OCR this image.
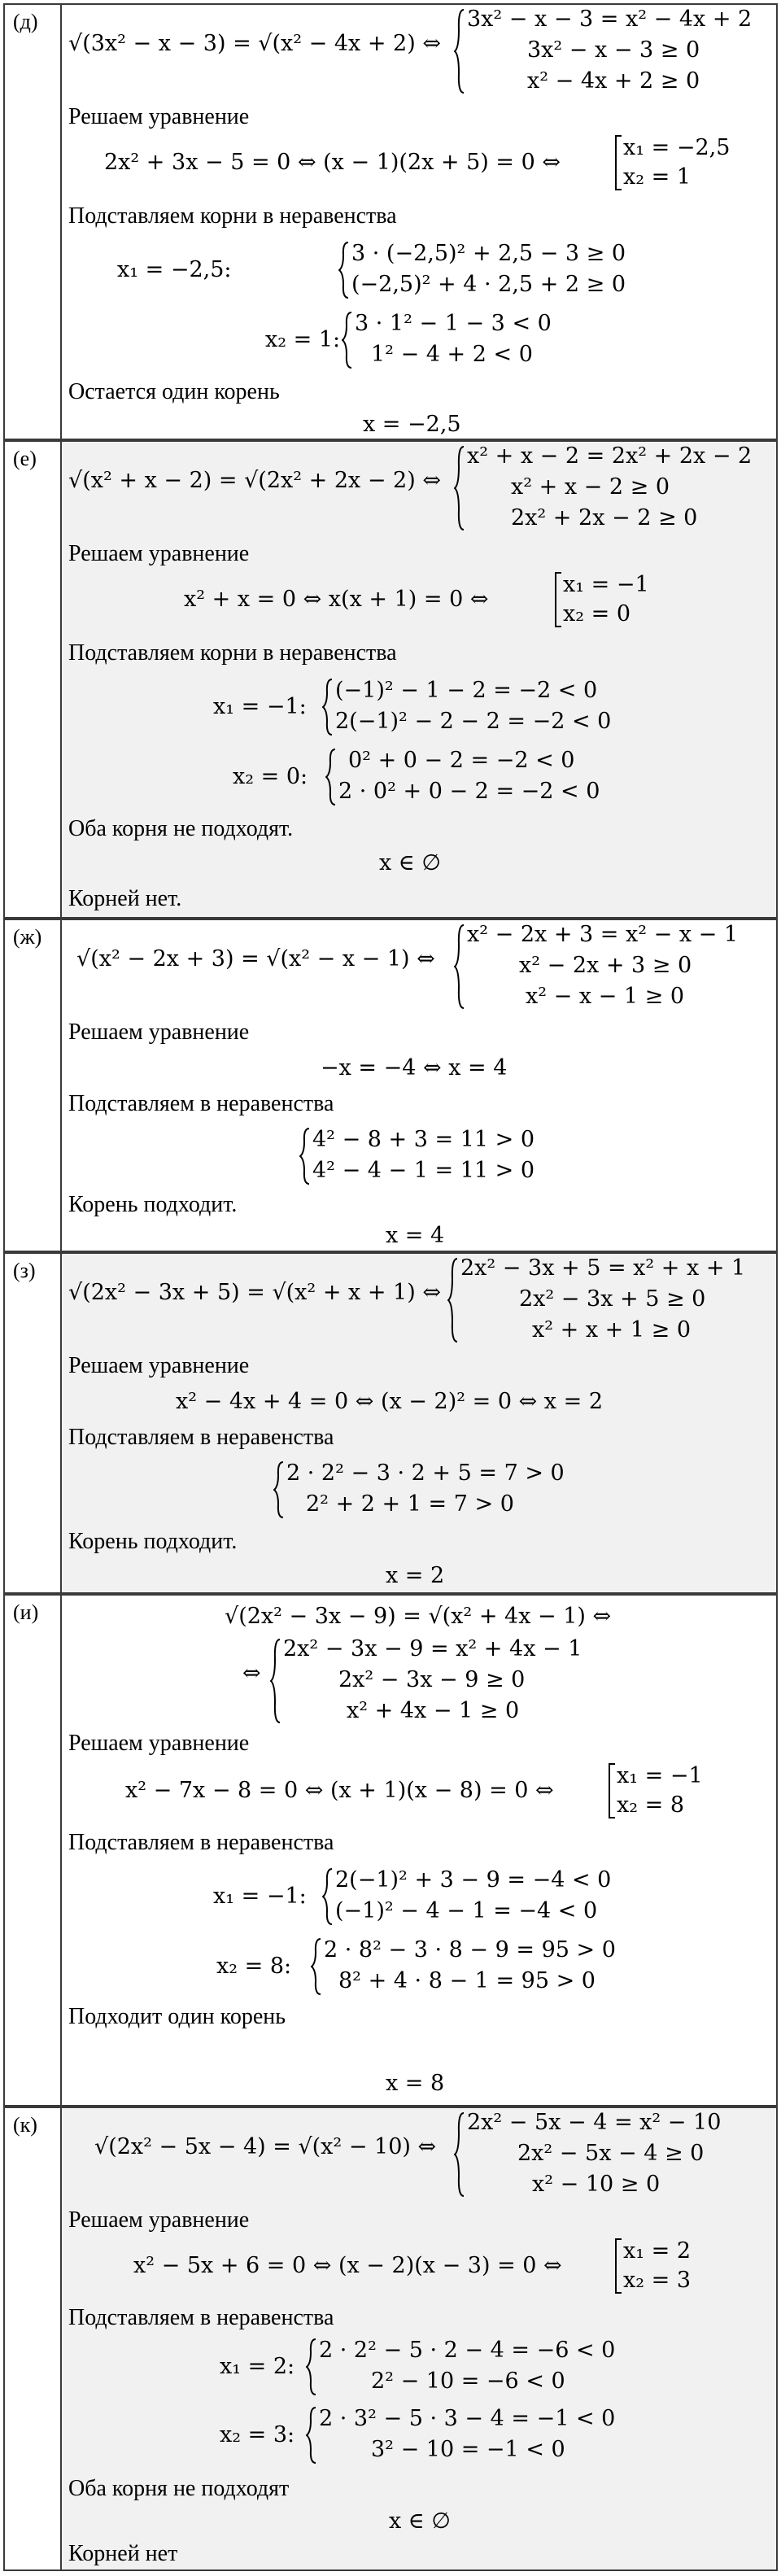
(д)
√(3x² − x − 3) = √(x² − 4x + 2) ⇔
3x² − x − 3 = x² − 4x + 2
3x² − x − 3 ≥ 0
x² − 4x + 2 ≥ 0
Решаем уравнение
2x² + 3x − 5 = 0 ⇔ (x − 1)(2x + 5) = 0 ⇔
x₁ = −2,5
x₂ = 1
Подставляем корни в неравенства
x₁ = −2,5:
3 · (−2,5)² + 2,5 − 3 ≥ 0
(−2,5)² + 4 · 2,5 + 2 ≥ 0
x₂ = 1:
3 · 1² − 1 − 3 < 0
1² − 4 + 2 < 0
Остается один корень
x = −2,5
(е)
√(x² + x − 2) = √(2x² + 2x − 2) ⇔
x² + x − 2 = 2x² + 2x − 2
x² + x − 2 ≥ 0
2x² + 2x − 2 ≥ 0
Решаем уравнение
x² + x = 0 ⇔ x(x + 1) = 0 ⇔
x₁ = −1
x₂ = 0
Подставляем корни в неравенства
x₁ = −1:
(−1)² − 1 − 2 = −2 < 0
2(−1)² − 2 − 2 = −2 < 0
x₂ = 0:
0² + 0 − 2 = −2 < 0
2 · 0² + 0 − 2 = −2 < 0
Оба корня не подходят.
x ∈ ∅
Корней нет.
(ж)
√(x² − 2x + 3) = √(x² − x − 1) ⇔
x² − 2x + 3 = x² − x − 1
x² − 2x + 3 ≥ 0
x² − x − 1 ≥ 0
Решаем уравнение
−x = −4 ⇔ x = 4
Подставляем в неравенства
4² − 8 + 3 = 11 > 0
4² − 4 − 1 = 11 > 0
Корень подходит.
x = 4
(з)
√(2x² − 3x + 5) = √(x² + x + 1) ⇔
2x² − 3x + 5 = x² + x + 1
2x² − 3x + 5 ≥ 0
x² + x + 1 ≥ 0
Решаем уравнение
x² − 4x + 4 = 0 ⇔ (x − 2)² = 0 ⇔ x = 2
Подставляем в неравенства
2 · 2² − 3 · 2 + 5 = 7 > 0
2² + 2 + 1 = 7 > 0
Корень подходит.
x = 2
(и)	√(2x² − 3x − 9) = √(x² + 4x − 1) ⇔
⇔
2x² − 3x − 9 = x² + 4x − 1
2x² − 3x − 9 ≥ 0
x² + 4x − 1 ≥ 0
Решаем уравнение
x² − 7x − 8 = 0 ⇔ (x + 1)(x − 8) = 0 ⇔
x₁ = −1
x₂ = 8
Подставляем в неравенства
x₁ = −1:
2(−1)² + 3 − 9 = −4 < 0
(−1)² − 4 − 1 = −4 < 0
x₂ = 8:
2 · 8² − 3 · 8 − 9 = 95 > 0
8² + 4 · 8 − 1 = 95 > 0
Подходит один корень
x = 8
(к)
√(2x² − 5x − 4) = √(x² − 10) ⇔
2x² − 5x − 4 = x² − 10
2x² − 5x − 4 ≥ 0
x² − 10 ≥ 0
Решаем уравнение
x² − 5x + 6 = 0 ⇔ (x − 2)(x − 3) = 0 ⇔
x₁ = 2
x₂ = 3
Подставляем в неравенства
x₁ = 2:
2 · 2² − 5 · 2 − 4 = −6 < 0
2² − 10 = −6 < 0
x₂ = 3:
2 · 3² − 5 · 3 − 4 = −1 < 0
3² − 10 = −1 < 0
Оба корня не подходят
x ∈ ∅
Корней нет
